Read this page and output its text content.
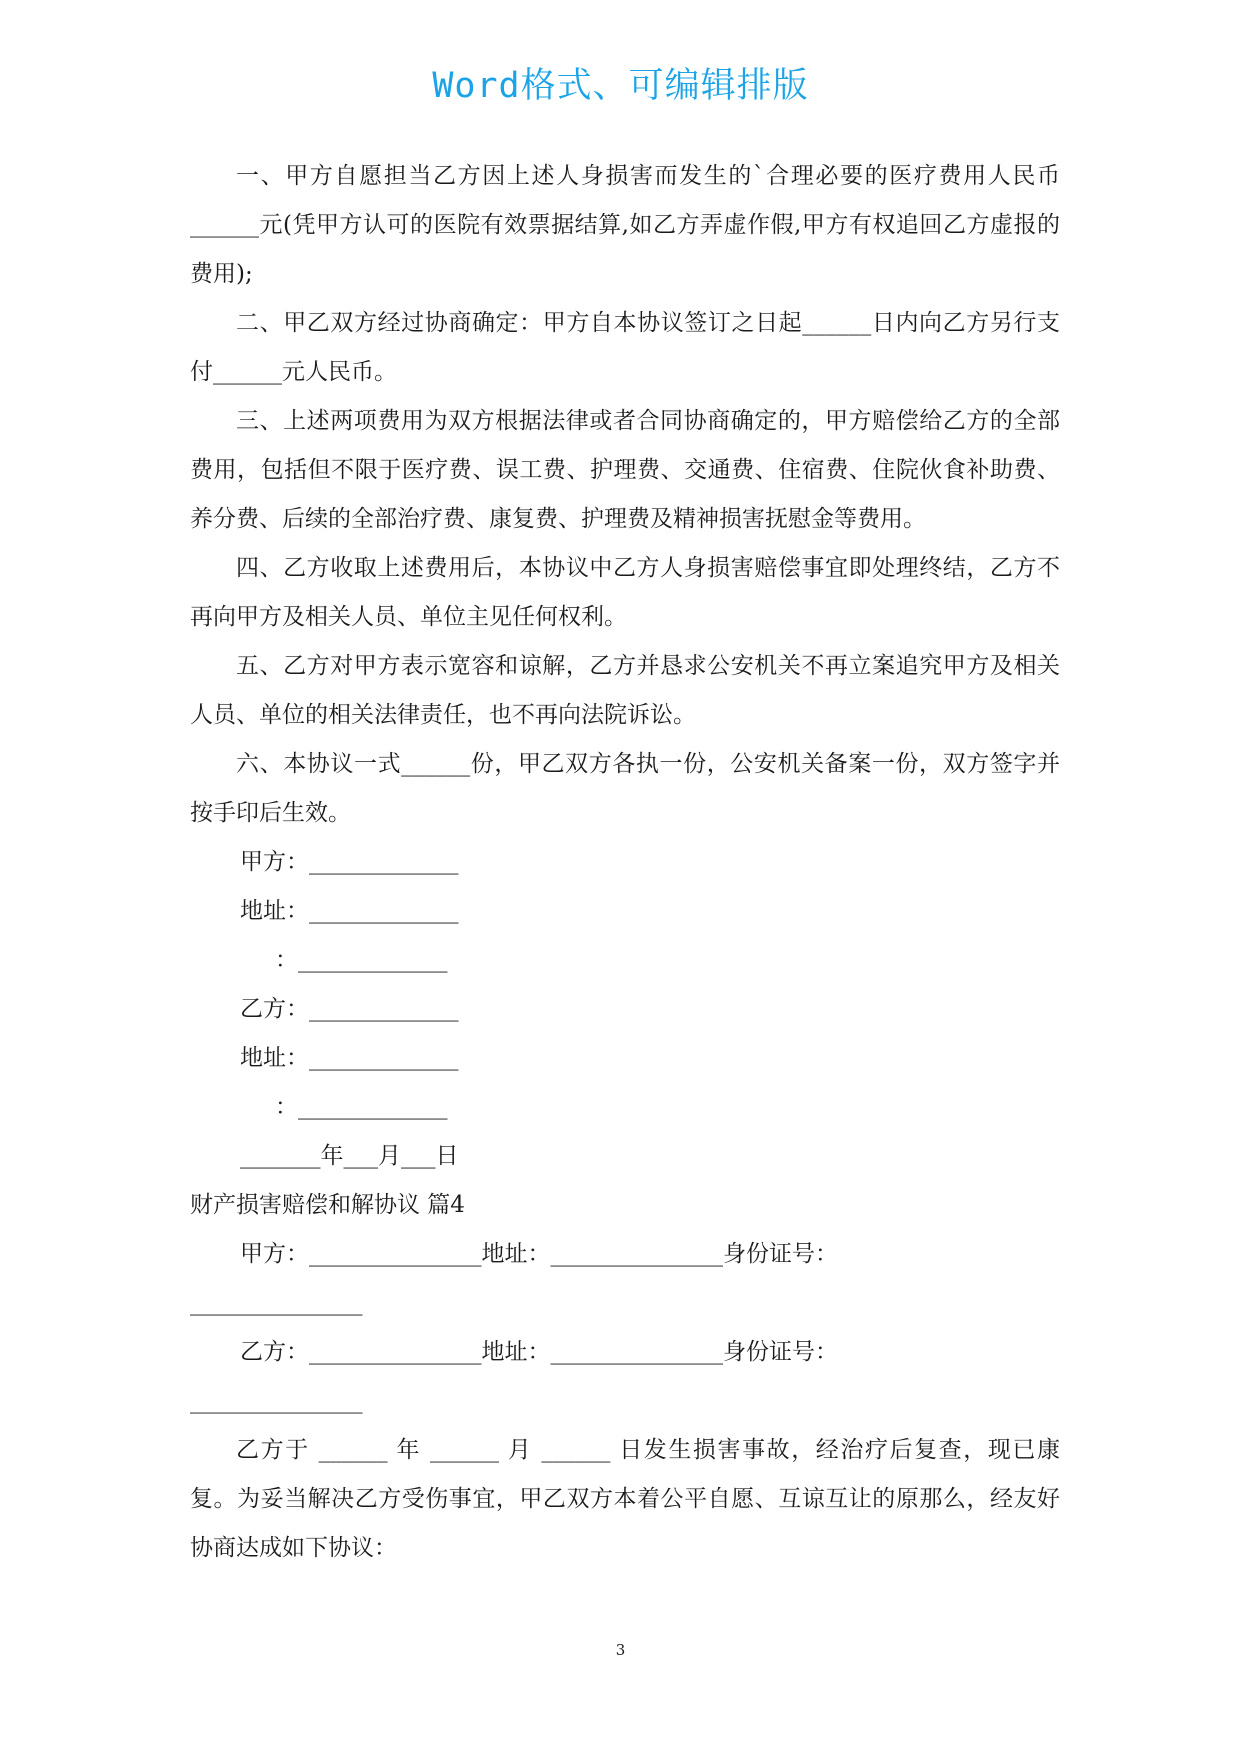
Word格式、可编辑排版

一、甲方自愿担当乙方因上述人身损害而发生的`合理必要的医疗费用人民币______元(凭甲方认可的医院有效票据结算,如乙方弄虚作假,甲方有权追回乙方虚报的费用);

二、甲乙双方经过协商确定：甲方自本协议签订之日起______日内向乙方另行支付______元人民币。

三、上述两项费用为双方根据法律或者合同协商确定的，甲方赔偿给乙方的全部费用，包括但不限于医疗费、误工费、护理费、交通费、住宿费、住院伙食补助费、养分费、后续的全部治疗费、康复费、护理费及精神损害抚慰金等费用。

四、乙方收取上述费用后，本协议中乙方人身损害赔偿事宜即处理终结，乙方不再向甲方及相关人员、单位主见任何权利。

五、乙方对甲方表示宽容和谅解，乙方并恳求公安机关不再立案追究甲方及相关人员、单位的相关法律责任，也不再向法院诉讼。

六、本协议一式______份，甲乙双方各执一份，公安机关备案一份，双方签字并按手印后生效。

甲方：_____________
地址：_____________
：_____________
乙方：_____________
地址：_____________
：_____________
_______年___月___日
财产损害赔偿和解协议 篇4
甲方：_______________地址：_______________身份证号：
_______________
乙方：_______________地址：_______________身份证号：
_______________

乙方于 ______ 年 ______ 月 ______ 日发生损害事故，经治疗后复查，现已康复。为妥当解决乙方受伤事宜，甲乙双方本着公平自愿、互谅互让的原那么，经友好协商达成如下协议：

3
